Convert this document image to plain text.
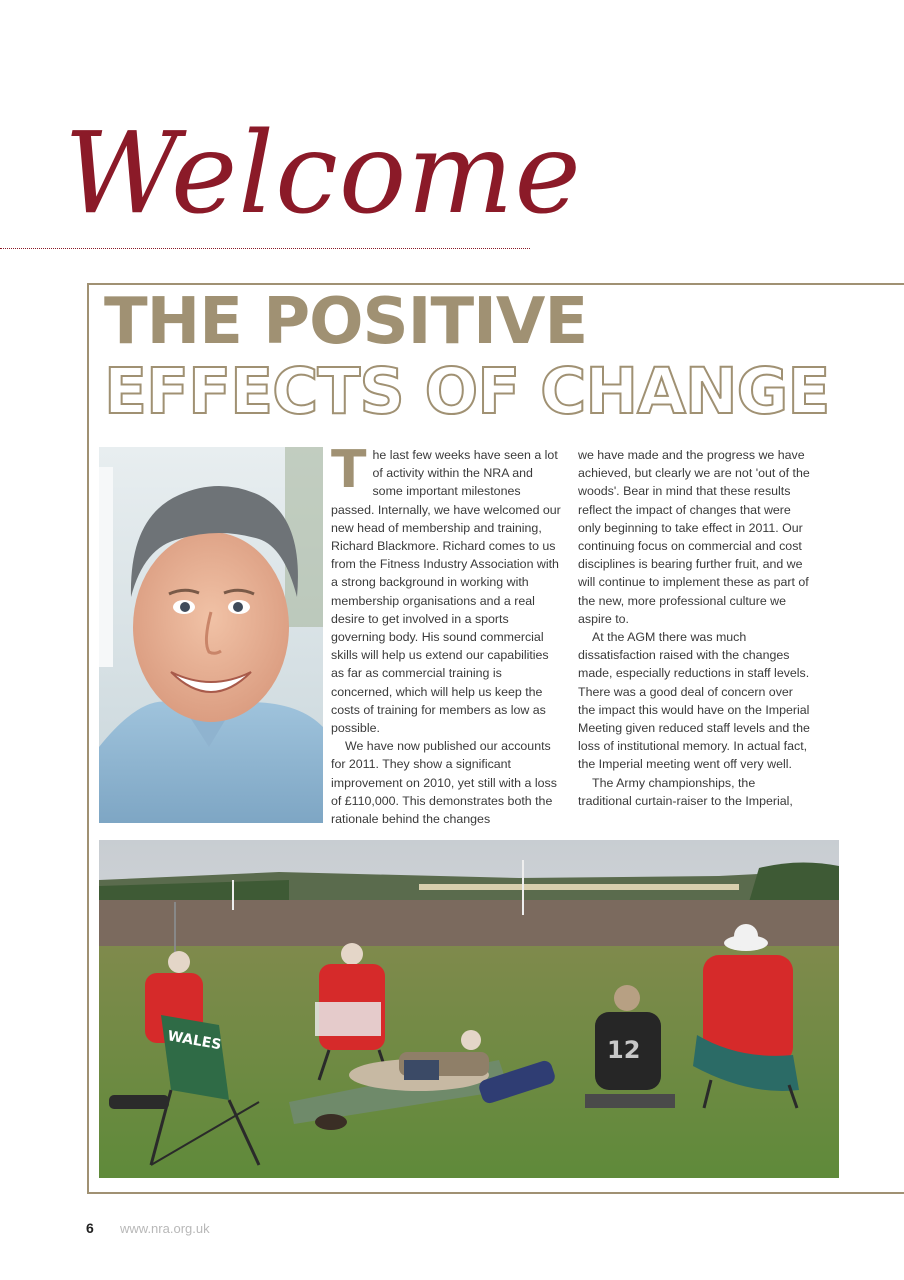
Welcome
THE POSITIVE
EFFECTS OF CHANGE

The last few weeks have seen a lot of activity within the NRA and some important milestones passed. Internally, we have welcomed our new head of membership and training, Richard Blackmore. Richard comes to us from the Fitness Industry Association with a strong background in working with membership organisations and a real desire to get involved in a sports governing body. His sound commercial skills will help us extend our capabilities as far as commercial training is concerned, which will help us keep the costs of training for members as low as possible.

We have now published our accounts for 2011. They show a significant improvement on 2010, yet still with a loss of £110,000. This demonstrates both the rationale behind the changes

we have made and the progress we have achieved, but clearly we are not 'out of the woods'. Bear in mind that these results reflect the impact of changes that were only beginning to take effect in 2011. Our continuing focus on commercial and cost disciplines is bearing further fruit, and we will continue to implement these as part of the new, more professional culture we aspire to.

At the AGM there was much dissatisfaction raised with the changes made, especially reductions in staff levels. There was a good deal of concern over the impact this would have on the Imperial Meeting given reduced staff levels and the loss of institutional memory. In actual fact, the Imperial meeting went off very well.

The Army championships, the traditional curtain-raiser to the Imperial,

WALES	12
6 www.nra.org.uk
